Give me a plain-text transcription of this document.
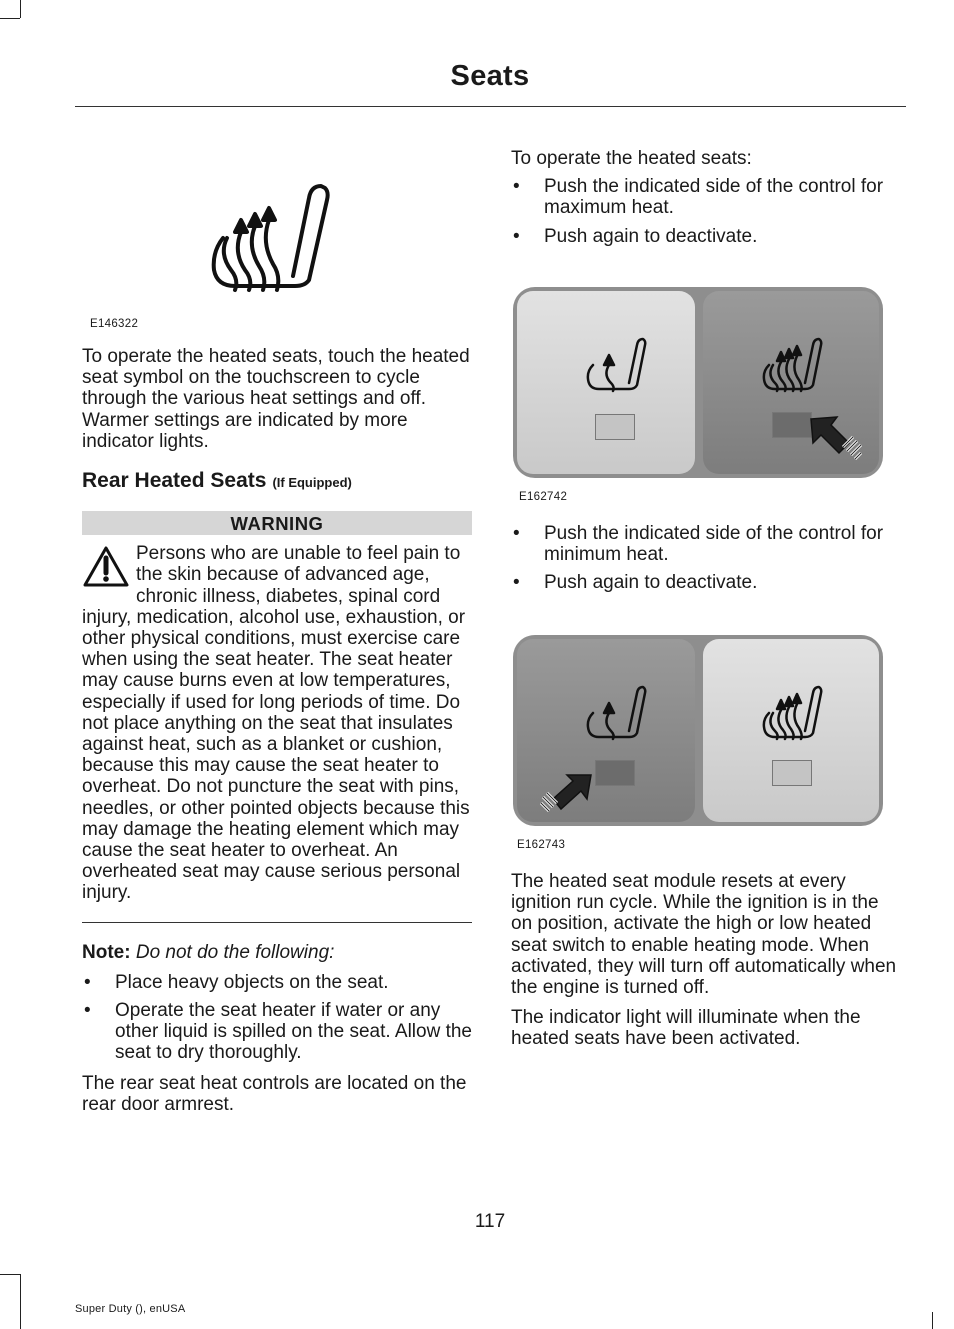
Seats
E146322

To operate the heated seats, touch the heated seat symbol on the touchscreen to cycle through the various heat settings and off. Warmer settings are indicated by more indicator lights.

Rear Heated Seats (If Equipped)
WARNING

Persons who are unable to feel pain to the skin because of advanced age, chronic illness, diabetes, spinal cord injury, medication, alcohol use, exhaustion, or other physical conditions, must exercise care when using the seat heater. The seat heater may cause burns even at low temperatures, especially if used for long periods of time. Do not place anything on the seat that insulates against heat, such as a blanket or cushion, because this may cause the seat heater to overheat. Do not puncture the seat with pins, needles, or other pointed objects because this may damage the heating element which may cause the seat heater to overheat. An overheated seat may cause serious personal injury.

Note: Do not do the following:

• Place heavy objects on the seat.
• Operate the seat heater if water or any other liquid is spilled on the seat. Allow the seat to dry thoroughly.

The rear seat heat controls are located on the rear door armrest.

To operate the heated seats:

• Push the indicated side of the control for maximum heat.
• Push again to deactivate.
E162742
• Push the indicated side of the control for minimum heat.
• Push again to deactivate.
E162743

The heated seat module resets at every ignition run cycle. While the ignition is in the on position, activate the high or low heated seat switch to enable heating mode. When activated, they will turn off automatically when the engine is turned off.

The indicator light will illuminate when the heated seats have been activated.

117
Super Duty (), enUSA
